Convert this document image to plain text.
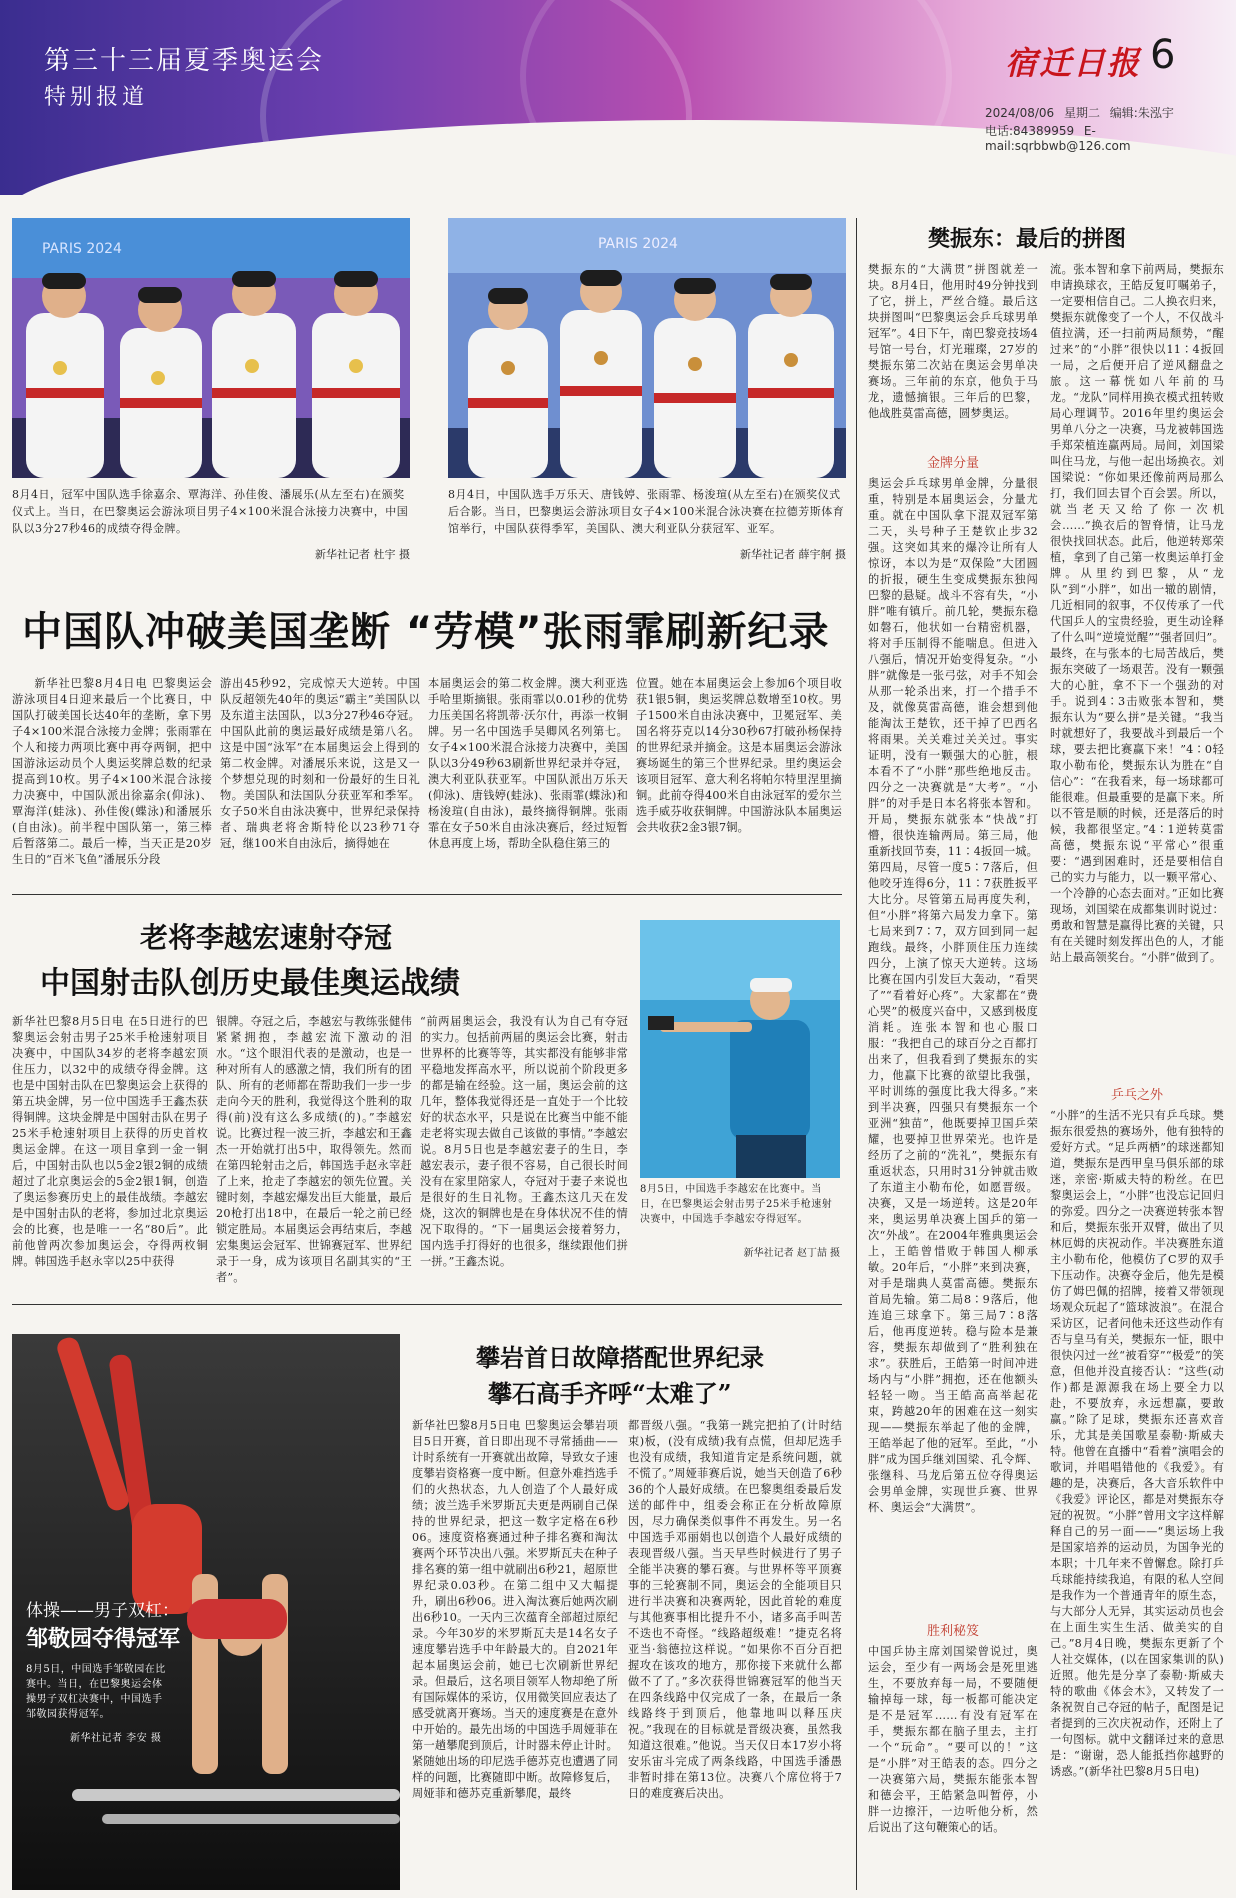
第三十三届夏季奥运会
特别报道
宿迁日报 6
2024/08/06 星期二 编辑:朱泓宇
电话:84389959 E-mail:sqrbbwb@126.com
PARIS 2024
8月4日，冠军中国队选手徐嘉余、覃海洋、孙佳俊、潘展乐(从左至右)在颁奖仪式上。当日，在巴黎奥运会游泳项目男子4×100米混合泳接力决赛中，中国队以3分27秒46的成绩夺得金牌。
新华社记者 杜宇 摄
PARIS 2024
8月4日，中国队选手万乐天、唐钱婷、张雨霏、杨浚瑄(从左至右)在颁奖仪式后合影。当日，巴黎奥运会游泳项目女子4×100米混合泳决赛在拉德芳斯体育馆举行，中国队获得季军，美国队、澳大利亚队分获冠军、亚军。
新华社记者 薛宇舸 摄
中国队冲破美国垄断 “劳模”张雨霏刷新纪录
新华社巴黎8月4日电 巴黎奥运会游泳项目4日迎来最后一个比赛日，中国队打破美国长达40年的垄断，拿下男子4×100米混合泳接力金牌；张雨霏在个人和接力两项比赛中再夺两铜，把中国游泳运动员个人奥运奖牌总数的纪录提高到10枚。男子4×100米混合泳接力决赛中，中国队派出徐嘉余(仰泳)、覃海洋(蛙泳)、孙佳俊(蝶泳)和潘展乐(自由泳)。前半程中国队第一，第三棒后暂落第二。最后一棒，当天正是20岁生日的“百米飞鱼”潘展乐分段
游出45秒92，完成惊天大逆转。中国队反超领先40年的奥运“霸主”美国队以及东道主法国队，以3分27秒46夺冠。中国队此前的奥运最好成绩是第八名。这是中国“泳军”在本届奥运会上得到的第二枚金牌。对潘展乐来说，这是又一个梦想兑现的时刻和一份最好的生日礼物。美国队和法国队分获亚军和季军。女子50米自由泳决赛中，世界纪录保持者、瑞典老将舍斯特伦以23秒71夺冠，继100米自由泳后，摘得她在
本届奥运会的第二枚金牌。澳大利亚选手哈里斯摘银。张雨霏以0.01秒的优势力压美国名将凯蒂·沃尔什，再添一枚铜牌。另一名中国选手吴卿风名列第七。女子4×100米混合泳接力决赛中，美国队以3分49秒63刷新世界纪录并夺冠，澳大利亚队获亚军。中国队派出万乐天(仰泳)、唐钱婷(蛙泳)、张雨霏(蝶泳)和杨浚瑄(自由泳)，最终摘得铜牌。张雨霏在女子50米自由泳决赛后，经过短暂休息再度上场，帮助全队稳住第三的
位置。她在本届奥运会上参加6个项目收获1银5铜，奥运奖牌总数增至10枚。男子1500米自由泳决赛中，卫冕冠军、美国名将芬克以14分30秒67打破孙杨保持的世界纪录并摘金。这是本届奥运会游泳赛场诞生的第三个世界纪录。里约奥运会该项目冠军、意大利名将帕尔特里涅里摘铜。此前夺得400米自由泳冠军的爱尔兰选手威芬收获铜牌。中国游泳队本届奥运会共收获2金3银7铜。
老将李越宏速射夺冠
中国射击队创历史最佳奥运战绩
8月5日，中国选手李越宏在比赛中。当日，在巴黎奥运会射击男子25米手枪速射决赛中，中国选手李越宏夺得冠军。
新华社记者 赵丁喆 摄
新华社巴黎8月5日电 在5日进行的巴黎奥运会射击男子25米手枪速射项目决赛中，中国队34岁的老将李越宏顶住压力，以32中的成绩夺得金牌。这也是中国射击队在巴黎奥运会上获得的第五块金牌，另一位中国选手王鑫杰获得铜牌。这块金牌是中国射击队在男子25米手枪速射项目上获得的历史首枚奥运金牌。在这一项目拿到一金一铜后，中国射击队也以5金2银2铜的成绩超过了北京奥运会的5金2银1铜，创造了奥运参赛历史上的最佳战绩。李越宏是中国射击队的老将，参加过北京奥运会的比赛，也是唯一一名“80后”。此前他曾两次参加奥运会，夺得两枚铜牌。韩国选手赵永宰以25中获得
银牌。夺冠之后，李越宏与教练张健伟紧紧拥抱，李越宏流下激动的泪水。“这个眼泪代表的是激动，也是一种对所有人的感激之情，我们所有的团队、所有的老师都在帮助我们一步一步走向今天的胜利，我觉得这个胜利的取得(前)没有这么多成绩(的)。”李越宏说。比赛过程一波三折，李越宏和王鑫杰一开始就打出5中，取得领先。然而在第四轮射击之后，韩国选手赵永宰赶了上来，抢走了李越宏的领先位置。关键时刻，李越宏爆发出巨大能量，最后20枪打出18中，在最后一轮之前已经锁定胜局。本届奥运会再结束后，李越宏集奥运会冠军、世锦赛冠军、世界纪录于一身，成为该项目名副其实的“王者”。
“前两届奥运会，我没有认为自己有夺冠的实力。包括前两届的奥运会比赛，射击世界杯的比赛等等，其实都没有能够非常平稳地发挥高水平，所以说前个阶段更多的都是输在经验。这一届，奥运会前的这几年，整体我觉得还是一直处于一个比较好的状态水平，只是说在比赛当中能不能走老将实现去做自己该做的事情。”李越宏说。8月5日也是李越宏妻子的生日，李越宏表示，妻子很不容易，自己很长时间没有在家里陪家人，夺冠对于妻子来说也是很好的生日礼物。王鑫杰这几天在发烧，这次的铜牌也是在身体状况不佳的情况下取得的。“下一届奥运会接着努力，国内选手打得好的也很多，继续跟他们拼一拼。”王鑫杰说。
体操——男子双杠：
邹敬园夺得冠军
8月5日，中国选手邹敬园在比赛中。当日，在巴黎奥运会体操男子双杠决赛中，中国选手邹敬园获得冠军。
新华社记者 李安 摄
攀岩首日故障搭配世界纪录
攀石高手齐呼“太难了”
新华社巴黎8月5日电 巴黎奥运会攀岩项目5日开赛，首日即出现不寻常插曲——计时系统有一开赛就出故障，导致女子速度攀岩资格赛一度中断。但意外难挡选手们的火热状态，九人创造了个人最好成绩；波兰选手米罗斯瓦夫更是两刷自己保持的世界纪录，把这一数字定格在6秒06。速度资格赛通过种子排名赛和淘汰赛两个环节决出八强。米罗斯瓦夫在种子排名赛的第一组中就刷出6秒21，超原世界纪录0.03秒。在第二组中又大幅提升，刷出6秒06。进入淘汰赛后她两次刷出6秒10。一天内三次蕴育全部超过原纪录。今年30岁的米罗斯瓦夫是14名女子速度攀岩选手中年龄最大的。自2021年起本届奥运会前，她已七次刷新世界纪录。但最后，这名项目领军人物却绝了所有国际媒体的采访，仅用微笑回应表达了感受就离开赛场。当天的速度赛是在意外中开始的。最先出场的中国选手周娅菲在第一趟攀爬到顶后，计时器未停止计时。紧随她出场的印尼选手德苏克也遭遇了同样的问题，比赛随即中断。故障修复后，周娅菲和德苏克重新攀爬，最终
都晋级八强。“我第一跳完把拍了(计时结束)板，(没有成绩)我有点慌，但却尼选手也没有成绩，我知道肯定是系统问题，就不慌了。”周娅菲赛后说，她当天创造了6秒36的个人最好成绩。在巴黎奥组委最后发送的邮件中，组委会称正在分析故障原因，尽力确保类似事件不再发生。另一名中国选手邓丽娟也以创造个人最好成绩的表现晋级八强。当天早些时候进行了男子全能半决赛的攀石赛。与世界杯等平顶赛事的三轮赛制不同，奥运会的全能项目只进行半决赛和决赛两轮，因此首轮的难度与其他赛事相比提升不小，诸多高手叫苦不迭也不奇怪。“线路超级难！”捷克名将亚当·翁德拉这样说。“如果你不百分百把握攻在该攻的地方，那你接下来就什么都做不了了。”多次获得世锦赛冠军的他当天在四条线路中仅完成了一条，在最后一条线路终于到顶后，他靠地叫以释压庆祝。”我现在的目标就是晋级决赛，虽然我知道这很难。”他说。当天仅日本17岁小将安乐宙斗完成了两条线路，中国选手潘愚非暂时排在第13位。决赛八个席位将于7日的难度赛后决出。
樊振东：最后的拼图
樊振东的“大满贯”拼图就差一块。8月4日，他用时49分钟找到了它，拼上，严丝合缝。最后这块拼图叫“巴黎奥运会乒乓球男单冠军”。4日下午，南巴黎竞技场4号馆一号台，灯光璀璨，27岁的樊振东第二次站在奥运会男单决赛场。三年前的东京，他负于马龙，遗憾摘银。三年后的巴黎，他战胜莫雷高德，圆梦奥运。
金牌分量
奥运会乒乓球男单金牌，分量很重，特别是本届奥运会，分量尤重。就在中国队拿下混双冠军第二天，头号种子王楚钦止步32强。这突如其来的爆冷让所有人惊讶，本以为是“双保险”大团圆的折报，硬生生变成樊振东独闯巴黎的悬疑。战斗不容有失，“小胖”唯有镇斤。前几轮，樊振东稳如磐石，他状如一台精密机器，将对手压制得不能喘息。但进入八强后，情况开始变得复杂。“小胖”就像是一张弓弦，对手不知会从那一轮杀出来，打一个措手不及，就像莫雷高德，谁会想到他能淘汰王楚钦，还干掉了巴西名将雨果。关关难过关关过。事实证明，没有一颗强大的心脏，根本看不了“小胖”那些绝地反击。四分之一决赛就是“大考”。“小胖”的对手是日本名将张本智和。开局，樊振东就张本“快战”打懵，很快连输两局。第三局，他重新找回节奏，11∶4扳回一城。第四局，尽管一度5∶7落后，但他咬牙连得6分，11∶7获胜扳平大比分。尽管第五局再度失利，但“小胖”将第六局发力拿下。第七局来到7∶7，双方回到同一起跑线。最终，小胖顶住压力连续四分，上演了惊天大逆转。这场比赛在国内引发巨大轰动，“看哭了”“看着好心疼”。大家都在“费心哭”的极度兴奋中，又感到极度消耗。连张本智和也心服口服：“我把自己的球百分之百都打出来了，但我看到了樊振东的实力，他赢下比赛的欲望比我强，平时训练的强度比我大得多。”来到半决赛，四强只有樊振东一个亚洲“独苗”，他既要掉卫国乒荣耀，也要掉卫世界荣光。也许是经历了之前的“洗礼”，樊振东有重返状态，只用时31分钟就击败了东道主小勒布伦，如愿晋级。决赛，又是一场逆转。这是20年来，奥运男单决赛上国乒的第一次“外战”。在2004年雅典奥运会上，王皓曾惜败于韩国人柳承敏。20年后，“小胖”来到决赛，对手是瑞典人莫雷高德。樊振东首局先输。第二局8∶9落后，他连追三球拿下。第三局7∶8落后，他再度逆转。稳与险本是兼容，樊振东却做到了“胜利独在求”。获胜后，王皓第一时间冲进场内与“小胖”拥抱，还在他额头轻轻一吻。当王皓高高举起花束，跨越20年的困难在这一刻实现——樊振东举起了他的金牌，王皓举起了他的冠军。至此，“小胖”成为国乒继刘国梁、孔令辉、张继科、马龙后第五位夺得奥运会男单金牌，实现世乒赛、世界杯、奥运会“大满贯”。
胜利秘笈
中国乒协主席刘国梁曾说过，奥运会，至少有一两场会是死里逃生，不要放弃每一局，不要随便输掉每一球，每一板都可能决定是不是冠军……有没有冠军在手，樊振东都在脑子里去，主打一个“玩命”。“要可以的！”这是“小胖”对王皓表的态。四分之一决赛第六局，樊振东能张本智和德会平，王皓紧急叫暂停，小胖一边擦汗，一边听他分析，然后说出了这句鞭策心的话。
流。张本智和拿下前两局，樊振东申请换球衣，王皓反复叮嘱弟子，一定要相信自己。二人换衣归来，樊振东就像变了一个人，不仅战斗值拉满，还一扫前两局颓势，“醒过来”的“小胖”很快以11∶4扳回一局，之后便开启了逆风翻盘之旅。这一幕恍如八年前的马龙。“龙队”同样用换衣模式扭转败局心理调节。2016年里约奥运会男单八分之一决赛，马龙被韩国选手郑荣植连赢两局。局间，刘国梁叫住马龙，与他一起出场换衣。刘国梁说：“你如果还像前两局那么打，我们回去冒个百会罢。所以，就当老天又给了你一次机会……”换衣后的智脊情，让马龙很快找回状态。此后，他逆转郑荣植，拿到了自己第一枚奥运单打金牌。从里约到巴黎，从“龙队”到“小胖”，如出一辙的剧情，几近相同的叙事，不仅传承了一代代国乒人的宝贵经验，更生动诠释了什么叫“逆境觉醒”“强者回归”。最终，在与张本的七局苦战后，樊振东突破了一场艰苦。没有一颗强大的心脏，拿不下一个强劲的对手。说到4∶3击败张本智和，樊振东认为“要么拼”是关键。“我当时就想好了，我要战斗到最后一个球，要去把比赛赢下来！”4∶0轻取小勒布伦，樊振东认为胜在“自信心”：“在我看来，每一场球都可能很难。但最重要的是赢下来。所以不管是顺的时候，还是落后的时候，我都很坚定。”4∶1逆转莫雷高德，樊振东说“平常心”很重要：“遇到困难时，还是要相信自己的实力与能力，以一颗平常心、一个冷静的心态去面对。”正如比赛现场，刘国梁在成都集训时说过：勇敢和智慧是赢得比赛的关键，只有在关键时刻发挥出色的人，才能站上最高领奖台。“小胖”做到了。
乒乓之外
“小胖”的生活不光只有乒乓球。樊振东很爱热的赛场外，他有独特的爱好方式。“足乒两栖”的球迷都知道，樊振东是西甲皇马俱乐部的球迷，亲密·斯威夫特的粉丝。在巴黎奥运会上，“小胖”也没忘记回归的弥爱。四分之一决赛逆转张本智和后，樊振东张开双臂，做出了贝林厄姆的庆祝动作。半决赛胜东道主小勒布伦，他模仿了C罗的双手下压动作。决赛夺金后，他先是模仿了姆巴佩的招牌，接着又带领现场观众玩起了“篮球波浪”。在混合采访区，记者问他未还这些动作有否与皇马有关，樊振东一怔，眼中很快闪过一丝“被看穿”“极爱”的笑意，但他并没直接否认：“这些(动作)都是源源我在场上要全力以赴，不要放弃，永远想赢，要敢赢。”除了足球，樊振东还喜欢音乐，尤其是美国歌星泰勒·斯威夫特。他曾在直播中“看着”演唱会的歌词，并唱唱错他的《我爱》。有趣的是，决赛后，各大音乐软件中《我爱》评论区，都是对樊振东夺冠的祝贺。“小胖”曾用文字这样解释自己的另一面——“奥运场上我是国家培养的运动员，为国争光的本职；十几年来不曾懈怠。除打乒乓球能持续我追，有限的私人空间是我作为一个普通青年的原生态，与大部分人无异，其实运动员也会在上面生实生生活、做美实的自己。”8月4日晚，樊振东更新了个人社交媒体，(以在国家集训的队)近照。他先是分享了泰勒·斯威夫特的歌曲《体会木》，又转发了一条祝贺自己夺冠的帖子，配图是记者提到的三次庆祝动作，还附上了一句图标。就中文翻译过来的意思是：“谢谢，恐人能抵挡你越野的诱惑。”(新华社巴黎8月5日电)
